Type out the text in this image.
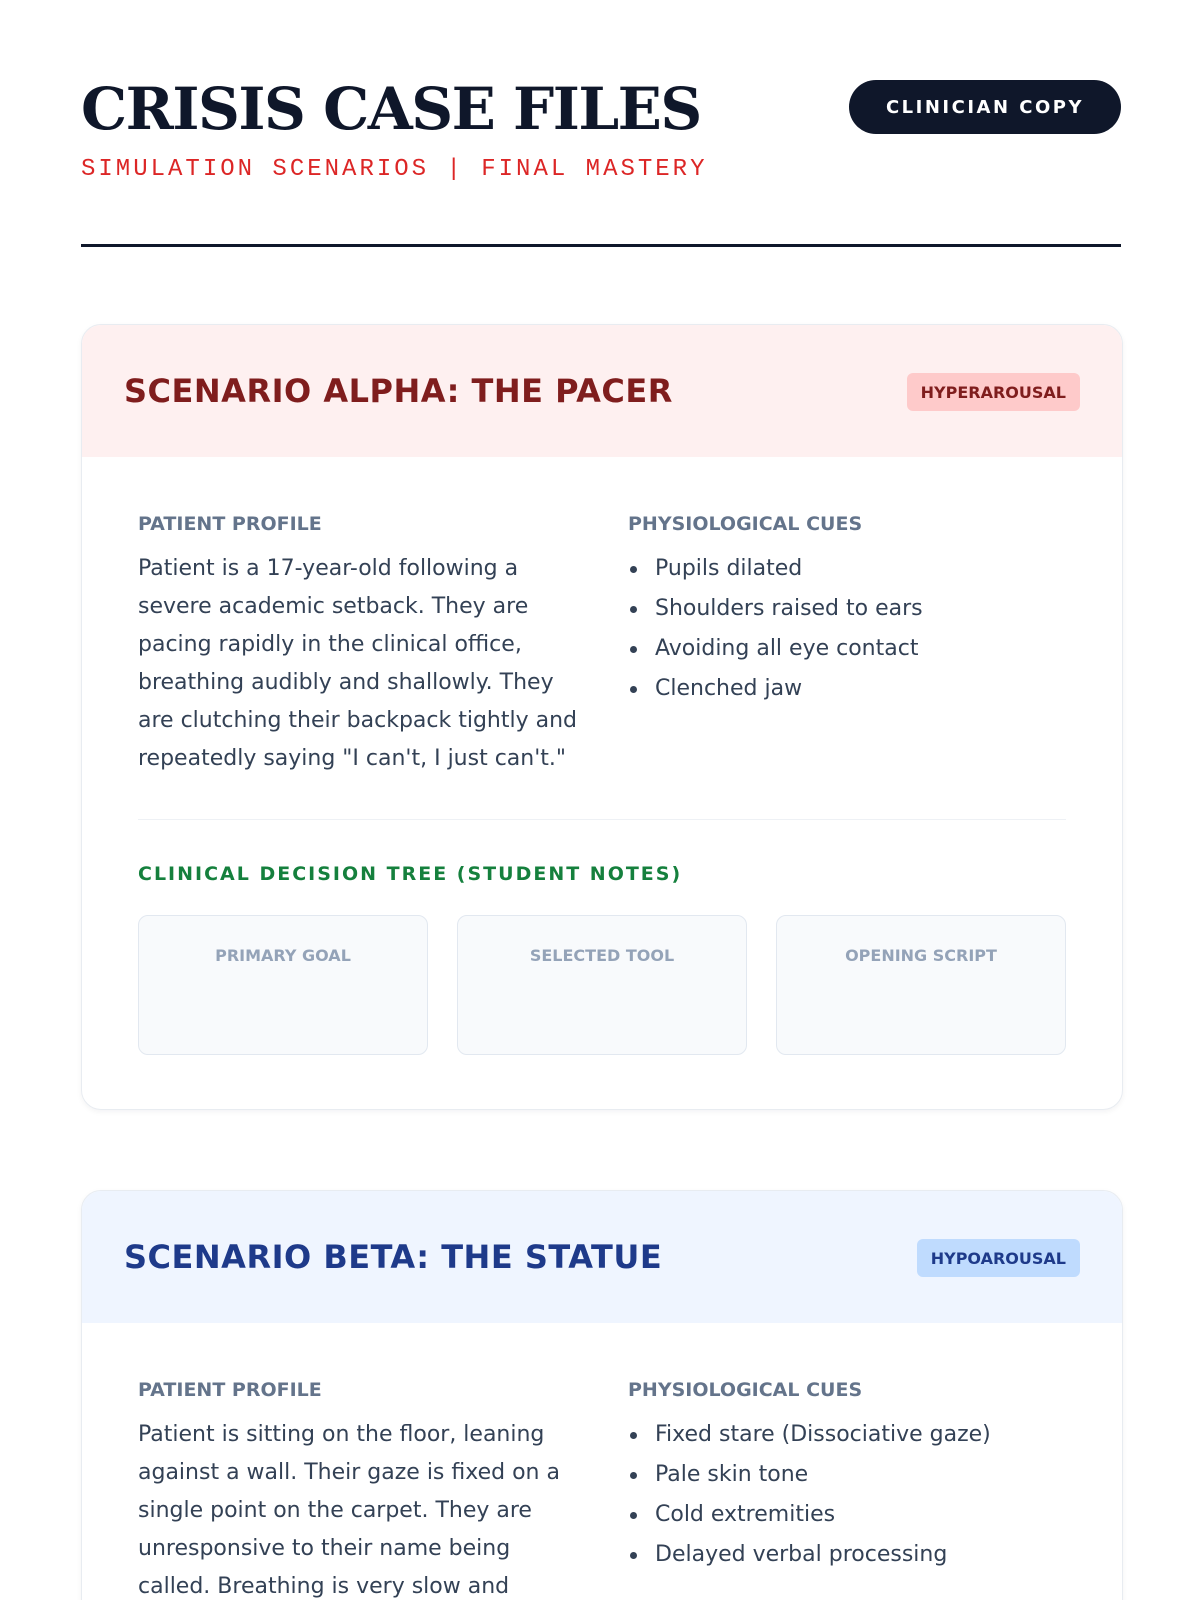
CRISIS CASE FILES
SIMULATION SCENARIOS | FINAL MASTERY
CLINICIAN COPY
SCENARIO ALPHA: THE PACER	HYPERAROUSAL
PATIENT PROFILE

Patient is a 17-year-old following a severe academic setback. They are pacing rapidly in the clinical office, breathing audibly and shallowly. They are clutching their backpack tightly and repeatedly saying "I can't, I just can't."

PHYSIOLOGICAL CUES
Pupils dilated
Shoulders raised to ears
Avoiding all eye contact
Clenched jaw
CLINICAL DECISION TREE (STUDENT NOTES)
PRIMARY GOAL	SELECTED TOOL	OPENING SCRIPT
SCENARIO BETA: THE STATUE	HYPOAROUSAL
PATIENT PROFILE

Patient is sitting on the floor, leaning against a wall. Their gaze is fixed on a single point on the carpet. They are unresponsive to their name being called. Breathing is very slow and

PHYSIOLOGICAL CUES
Fixed stare (Dissociative gaze)
Pale skin tone
Cold extremities
Delayed verbal processing
